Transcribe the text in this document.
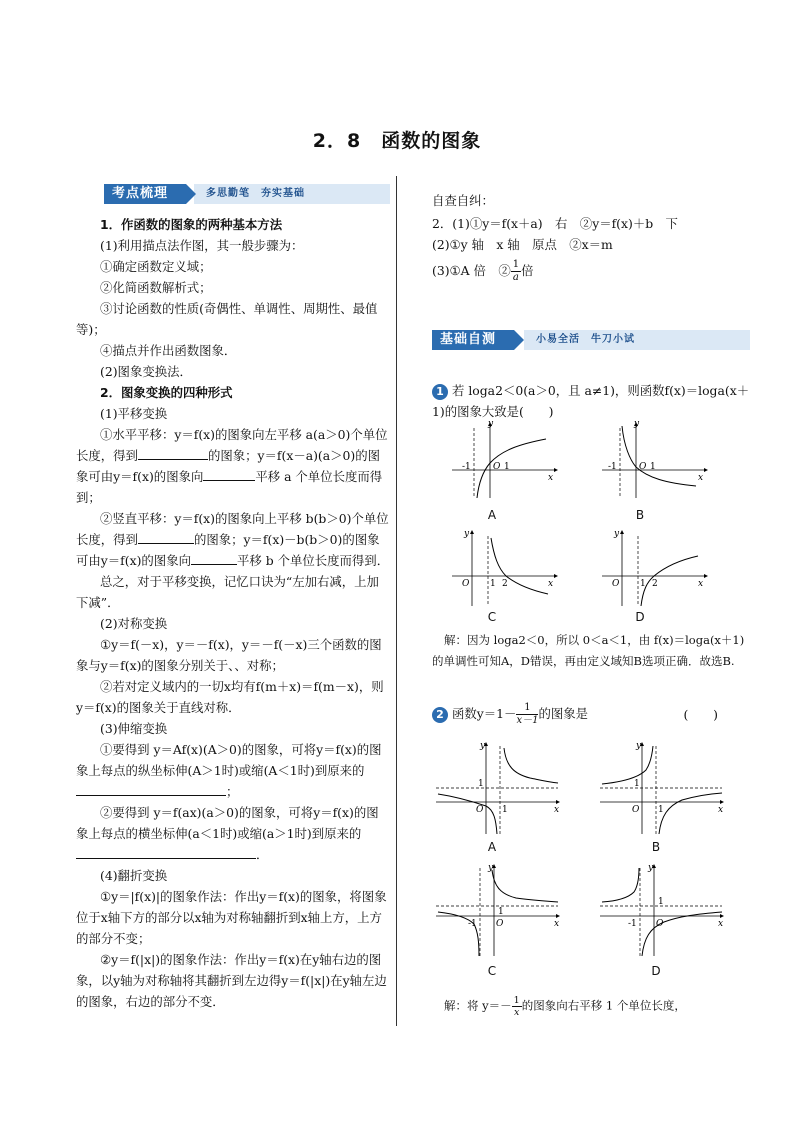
2．8　函数的图象
考点梳理	多思勤笔　夯实基础

1．作函数的图象的两种基本方法

(1)利用描点法作图，其一般步骤为：

①确定函数定义域；

②化简函数解析式；

③讨论函数的性质(奇偶性、单调性、周期性、最值等)；

④描点并作出函数图象．

(2)图象变换法．

2．图象变换的四种形式

(1)平移变换

①水平平移：y＝f(x)的图象向左平移 a(a＞0)个单位长度，得到	的图象；y＝f(x－a)(a＞0)的图象可由y＝f(x)的图象向	平移 a 个单位长度而得到；

②竖直平移：y＝f(x)的图象向上平移 b(b＞0)个单位长度，得到	的图象；y＝f(x)－b(b＞0)的图象可由y＝f(x)的图象向	平移 b 个单位长度而得到．

总之，对于平移变换，记忆口诀为“左加右减，上加下减”．

(2)对称变换

①y＝f(－x)，y＝－f(x)，y＝－f(－x)三个函数的图象与y＝f(x)的图象分别关于、、对称；

②若对定义域内的一切x均有f(m＋x)＝f(m－x)，则y＝f(x)的图象关于直线对称．

(3)伸缩变换

①要得到 y＝Af(x)(A＞0)的图象，可将y＝f(x)的图象上每点的纵坐标伸(A＞1时)或缩(A＜1时)到原来的；

②要得到 y＝f(ax)(a＞0)的图象，可将y＝f(x)的图象上每点的横坐标伸(a＜1时)或缩(a＞1时)到原来的．

(4)翻折变换

①y＝|f(x)|的图象作法：作出y＝f(x)的图象，将图象位于x轴下方的部分以x轴为对称轴翻折到x轴上方，上方的部分不变；

②y＝f(|x|)的图象作法：作出y＝f(x)在y轴右边的图象，以y轴为对称轴将其翻折到左边得y＝f(|x|)在y轴左边的图象，右边的部分不变．

自查自纠：

2．(1)①y＝f(x＋a)　右　②y＝f(x)＋b　下

(2)①y 轴　x 轴　原点　②x＝m

(3)①A 倍　② $\frac{1}{a}$ 倍

基础自测	小易全活　牛刀小试
1 若 loga2＜0(a＞0，且 a≠1)，则函数f(x)＝loga(x＋1)的图象大致是(　　)
y
x
-1 O 1
A
y
x
-1 O 1
B
y
x
O 1 2
C
y
x
O 1 2
D
解：因为 loga2＜0，所以 0＜a＜1，由 f(x)＝loga(x＋1)的单调性可知A，D错误，再由定义域知B选项正确．故选B.
2 函数$y=1- \frac{1}{x-1}$ 的图象是	(　　)
y
x
1
O 1
A
y
x
1
O 1
B
y
x
1
-1 O
C
y
x
1
-1 O
D
解：将 $y=- \frac{1}{x}$ 的图象向右平移 1 个单位长度，
